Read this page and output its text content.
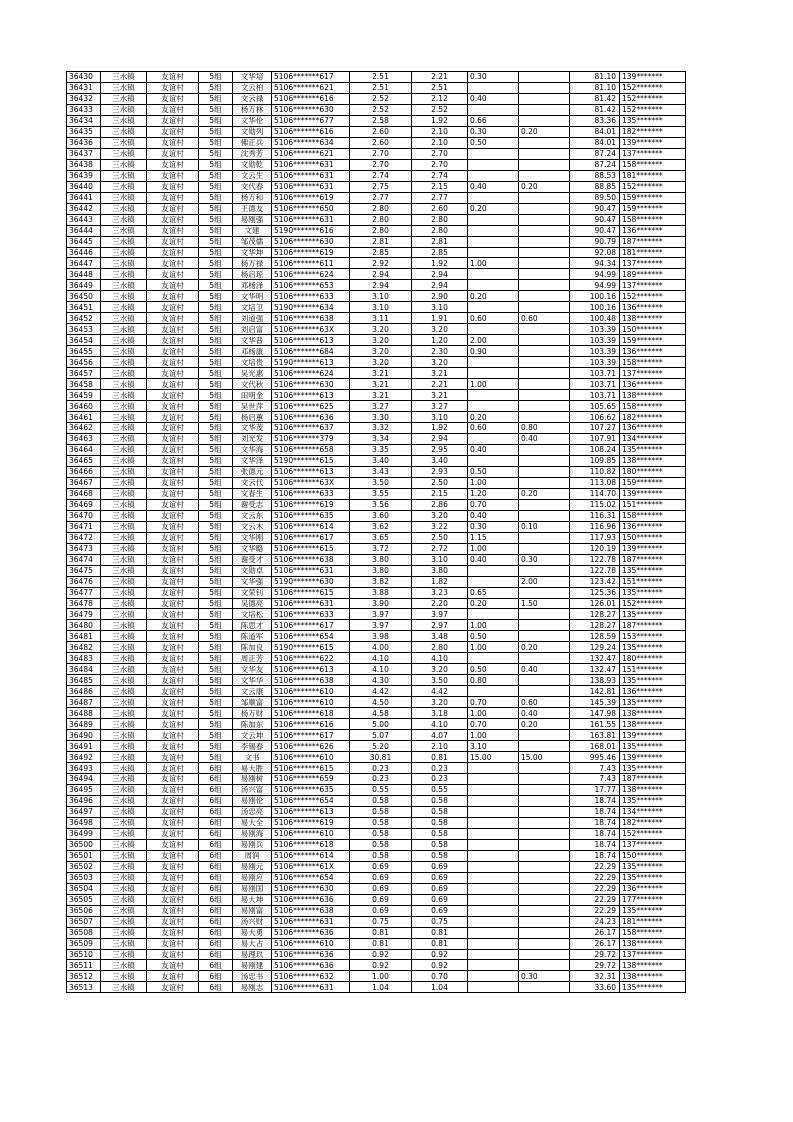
36430	三水镇	友谊村	5组	文华培	5106*******617	2.51	2.21	0.30		81.10	139*******
36431	三水镇	友谊村	5组	文云柏	5106*******621	2.51	2.51			81.10	152*******
36432	三水镇	友谊村	5组	文云禄	5106*******616	2.52	2.12	0.40		81.42	152*******
36433	三水镇	友谊村	5组	杨万林	5106*******630	2.52	2.52			81.42	152*******
36434	三水镇	友谊村	5组	文华伦	5106*******677	2.58	1.92	0.66		83.36	135*******
36435	三水镇	友谊村	5组	文勋列	5106*******616	2.60	2.10	0.30	0.20	84.01	182*******
36436	三水镇	友谊村	5组	佛正兵	5106*******634	2.60	2.10	0.50		84.01	139*******
36437	三水镇	友谊村	5组	沈秀芳	5106*******621	2.70	2.70			87.24	137*******
36438	三水镇	友谊村	5组	文勋乾	5106*******631	2.70	2.70			87.24	158*******
36439	三水镇	友谊村	5组	文云生	5106*******631	2.74	2.74			88.53	181*******
36440	三水镇	友谊村	5组	文代春	5106*******631	2.75	2.15	0.40	0.20	88.85	152*******
36441	三水镇	友谊村	5组	杨万和	5106*******619	2.77	2.77			89.50	159*******
36442	三水镇	友谊村	5组	王德友	5106*******650	2.80	2.60	0.20		90.47	159*******
36443	三水镇	友谊村	5组	易刚强	5106*******631	2.80	2.80			90.47	158*******
36444	三水镇	友谊村	5组	文建	5190*******616	2.80	2.80			90.47	136*******
36445	三水镇	友谊村	5组	邹茂儒	5106*******630	2.81	2.81			90.79	187*******
36446	三水镇	友谊村	5组	文华坤	5106*******619	2.85	2.85			92.08	181*******
36447	三水镇	友谊村	5组	杨万禄	5106*******611	2.92	1.92	1.00		94.34	137*******
36448	三水镇	友谊村	5组	杨启琼	5106*******624	2.94	2.94			94.99	189*******
36449	三水镇	友谊村	5组	邓杨泽	5106*******653	2.94	2.94			94.99	137*******
36450	三水镇	友谊村	5组	文华明	5106*******633	3.10	2.90	0.20		100.16	152*******
36451	三水镇	友谊村	5组	文培卫	5190*******634	3.10	3.10			100.16	136*******
36452	三水镇	友谊村	5组	刘道强	5106*******638	3.11	1.91	0.60	0.60	100.48	138*******
36453	三水镇	友谊村	5组	刘启富	5106*******63X	3.20	3.20			103.39	150*******
36454	三水镇	友谊村	5组	文华普	5106*******613	3.20	1.20	2.00		103.39	159*******
36455	三水镇	友谊村	5组	邓杨康	5106*******684	3.20	2.30	0.90		103.39	136*******
36456	三水镇	友谊村	5组	文培贵	5190*******613	3.20	3.20			103.39	158*******
36457	三水镇	友谊村	5组	吴光惠	5106*******624	3.21	3.21			103.71	137*******
36458	三水镇	友谊村	5组	文代秋	5106*******630	3.21	2.21	1.00		103.71	136*******
36459	三水镇	友谊村	5组	田明金	5106*******613	3.21	3.21			103.71	138*******
36460	三水镇	友谊村	5组	吴世萍	5106*******625	3.27	3.27			105.65	158*******
36461	三水镇	友谊村	5组	杨启蕙	5106*******636	3.30	3.10	0.20		106.62	182*******
36462	三水镇	友谊村	5组	文华茂	5106*******637	3.32	1.92	0.60	0.80	107.27	136*******
36463	三水镇	友谊村	5组	刘光发	5106*******379	3.34	2.94		0.40	107.91	134*******
36464	三水镇	友谊村	5组	文华海	5106*******658	3.35	2.95	0.40		108.24	135*******
36465	三水镇	友谊村	5组	文华泽	5190*******615	3.40	3.40			109.85	138*******
36466	三水镇	友谊村	5组	张德元	5106*******613	3.43	2.93	0.50		110.82	180*******
36467	三水镇	友谊村	5组	文云代	5106*******63X	3.50	2.50	1.00		113.08	159*******
36468	三水镇	友谊村	5组	文春生	5106*******633	3.55	2.15	1.20	0.20	114.70	139*******
36469	三水镇	友谊村	5组	谢受志	5106*******619	3.56	2.86	0.70		115.02	151*******
36470	三水镇	友谊村	5组	文云东	5106*******635	3.60	3.20	0.40		116.31	158*******
36471	三水镇	友谊村	5组	文云木	5106*******614	3.62	3.22	0.30	0.10	116.96	136*******
36472	三水镇	友谊村	5组	文华刚	5106*******617	3.65	2.50	1.15		117.93	150*******
36473	三水镇	友谊村	5组	文华略	5106*******615	3.72	2.72	1.00		120.19	139*******
36474	三水镇	友谊村	5组	谢受才	5106*******638	3.80	3.10	0.40	0.30	122.78	187*******
36475	三水镇	友谊村	5组	文勋卓	5106*******631	3.80	3.80			122.78	135*******
36476	三水镇	友谊村	5组	文华强	5190*******630	3.82	1.82		2.00	123.42	151*******
36477	三水镇	友谊村	5组	文荣钊	5106*******615	3.88	3.23	0.65		125.36	135*******
36478	三水镇	友谊村	5组	吴德亮	5106*******631	3.90	2.20	0.20	1.50	126.01	152*******
36479	三水镇	友谊村	5组	文培松	5106*******633	3.97	3.97			128.27	135*******
36480	三水镇	友谊村	5组	陈思才	5106*******617	3.97	2.97	1.00		128.27	187*******
36481	三水镇	友谊村	5组	陈道军	5106*******654	3.98	3.48	0.50		128.59	153*******
36482	三水镇	友谊村	5组	陈加良	5190*******615	4.00	2.80	1.00	0.20	129.24	135*******
36483	三水镇	友谊村	5组	周正芳	5106*******622	4.10	4.10			132.47	180*******
36484	三水镇	友谊村	5组	文华友	5106*******613	4.10	3.20	0.50	0.40	132.47	151*******
36485	三水镇	友谊村	5组	文华华	5106*******638	4.30	3.50	0.80		138.93	135*******
36486	三水镇	友谊村	5组	文云康	5106*******610	4.42	4.42			142.81	136*******
36487	三水镇	友谊村	5组	邹顺富	5106*******610	4.50	3.20	0.70	0.60	145.39	135*******
36488	三水镇	友谊村	5组	杨万财	5106*******618	4.58	3.18	1.00	0.40	147.98	138*******
36489	三水镇	友谊村	5组	陈加东	5106*******616	5.00	4.10	0.70	0.20	161.55	138*******
36490	三水镇	友谊村	5组	文云坤	5106*******617	5.07	4.07	1.00		163.81	139*******
36491	三水镇	友谊村	5组	李锡春	5106*******626	5.20	2.10	3.10		168.01	135*******
36492	三水镇	友谊村	5组	文书	5106*******610	30.81	0.81	15.00	15.00	995.46	139*******
36493	三水镇	友谊村	6组	易大胜	5106*******615	0.23	0.23			7.43	135*******
36494	三水镇	友谊村	6组	易刚树	5106*******659	0.23	0.23			7.43	187*******
36495	三水镇	友谊村	6组	汤兴富	5106*******635	0.55	0.55			17.77	138*******
36496	三水镇	友谊村	6组	易刚伦	5106*******654	0.58	0.58			18.74	135*******
36497	三水镇	友谊村	6组	汤忠亮	5106*******613	0.58	0.58			18.74	134*******
36498	三水镇	友谊村	6组	易大全	5106*******619	0.58	0.58			18.74	182*******
36499	三水镇	友谊村	6组	易刚海	5106*******610	0.58	0.58			18.74	152*******
36500	三水镇	友谊村	6组	易刚兵	5106*******618	0.58	0.58			18.74	137*******
36501	三水镇	友谊村	6组	周润	5106*******614	0.58	0.58			18.74	150*******
36502	三水镇	友谊村	6组	易刚元	5106*******61X	0.69	0.69			22.29	135*******
36503	三水镇	友谊村	6组	易刚应	5106*******654	0.69	0.69			22.29	135*******
36504	三水镇	友谊村	6组	易刚国	5106*******630	0.69	0.69			22.29	136*******
36505	三水镇	友谊村	6组	易大坤	5106*******636	0.69	0.69			22.29	177*******
36506	三水镇	友谊村	6组	易刚富	5106*******638	0.69	0.69			22.29	135*******
36507	三水镇	友谊村	6组	汤兴财	5106*******631	0.75	0.75			24.23	181*******
36508	三水镇	友谊村	6组	易大勇	5106*******636	0.81	0.81			26.17	158*******
36509	三水镇	友谊村	6组	易大占	5106*******610	0.81	0.81			26.17	138*******
36510	三水镇	友谊村	6组	易理玖	5106*******636	0.92	0.92			29.72	137*******
36511	三水镇	友谊村	6组	易刚建	5106*******636	0.92	0.92			29.72	138*******
36512	三水镇	友谊村	6组	汤忠书	5106*******632	1.00	0.70		0.30	32.31	138*******
36513	三水镇	友谊村	6组	易刚志	5106*******631	1.04	1.04			33.60	135*******
